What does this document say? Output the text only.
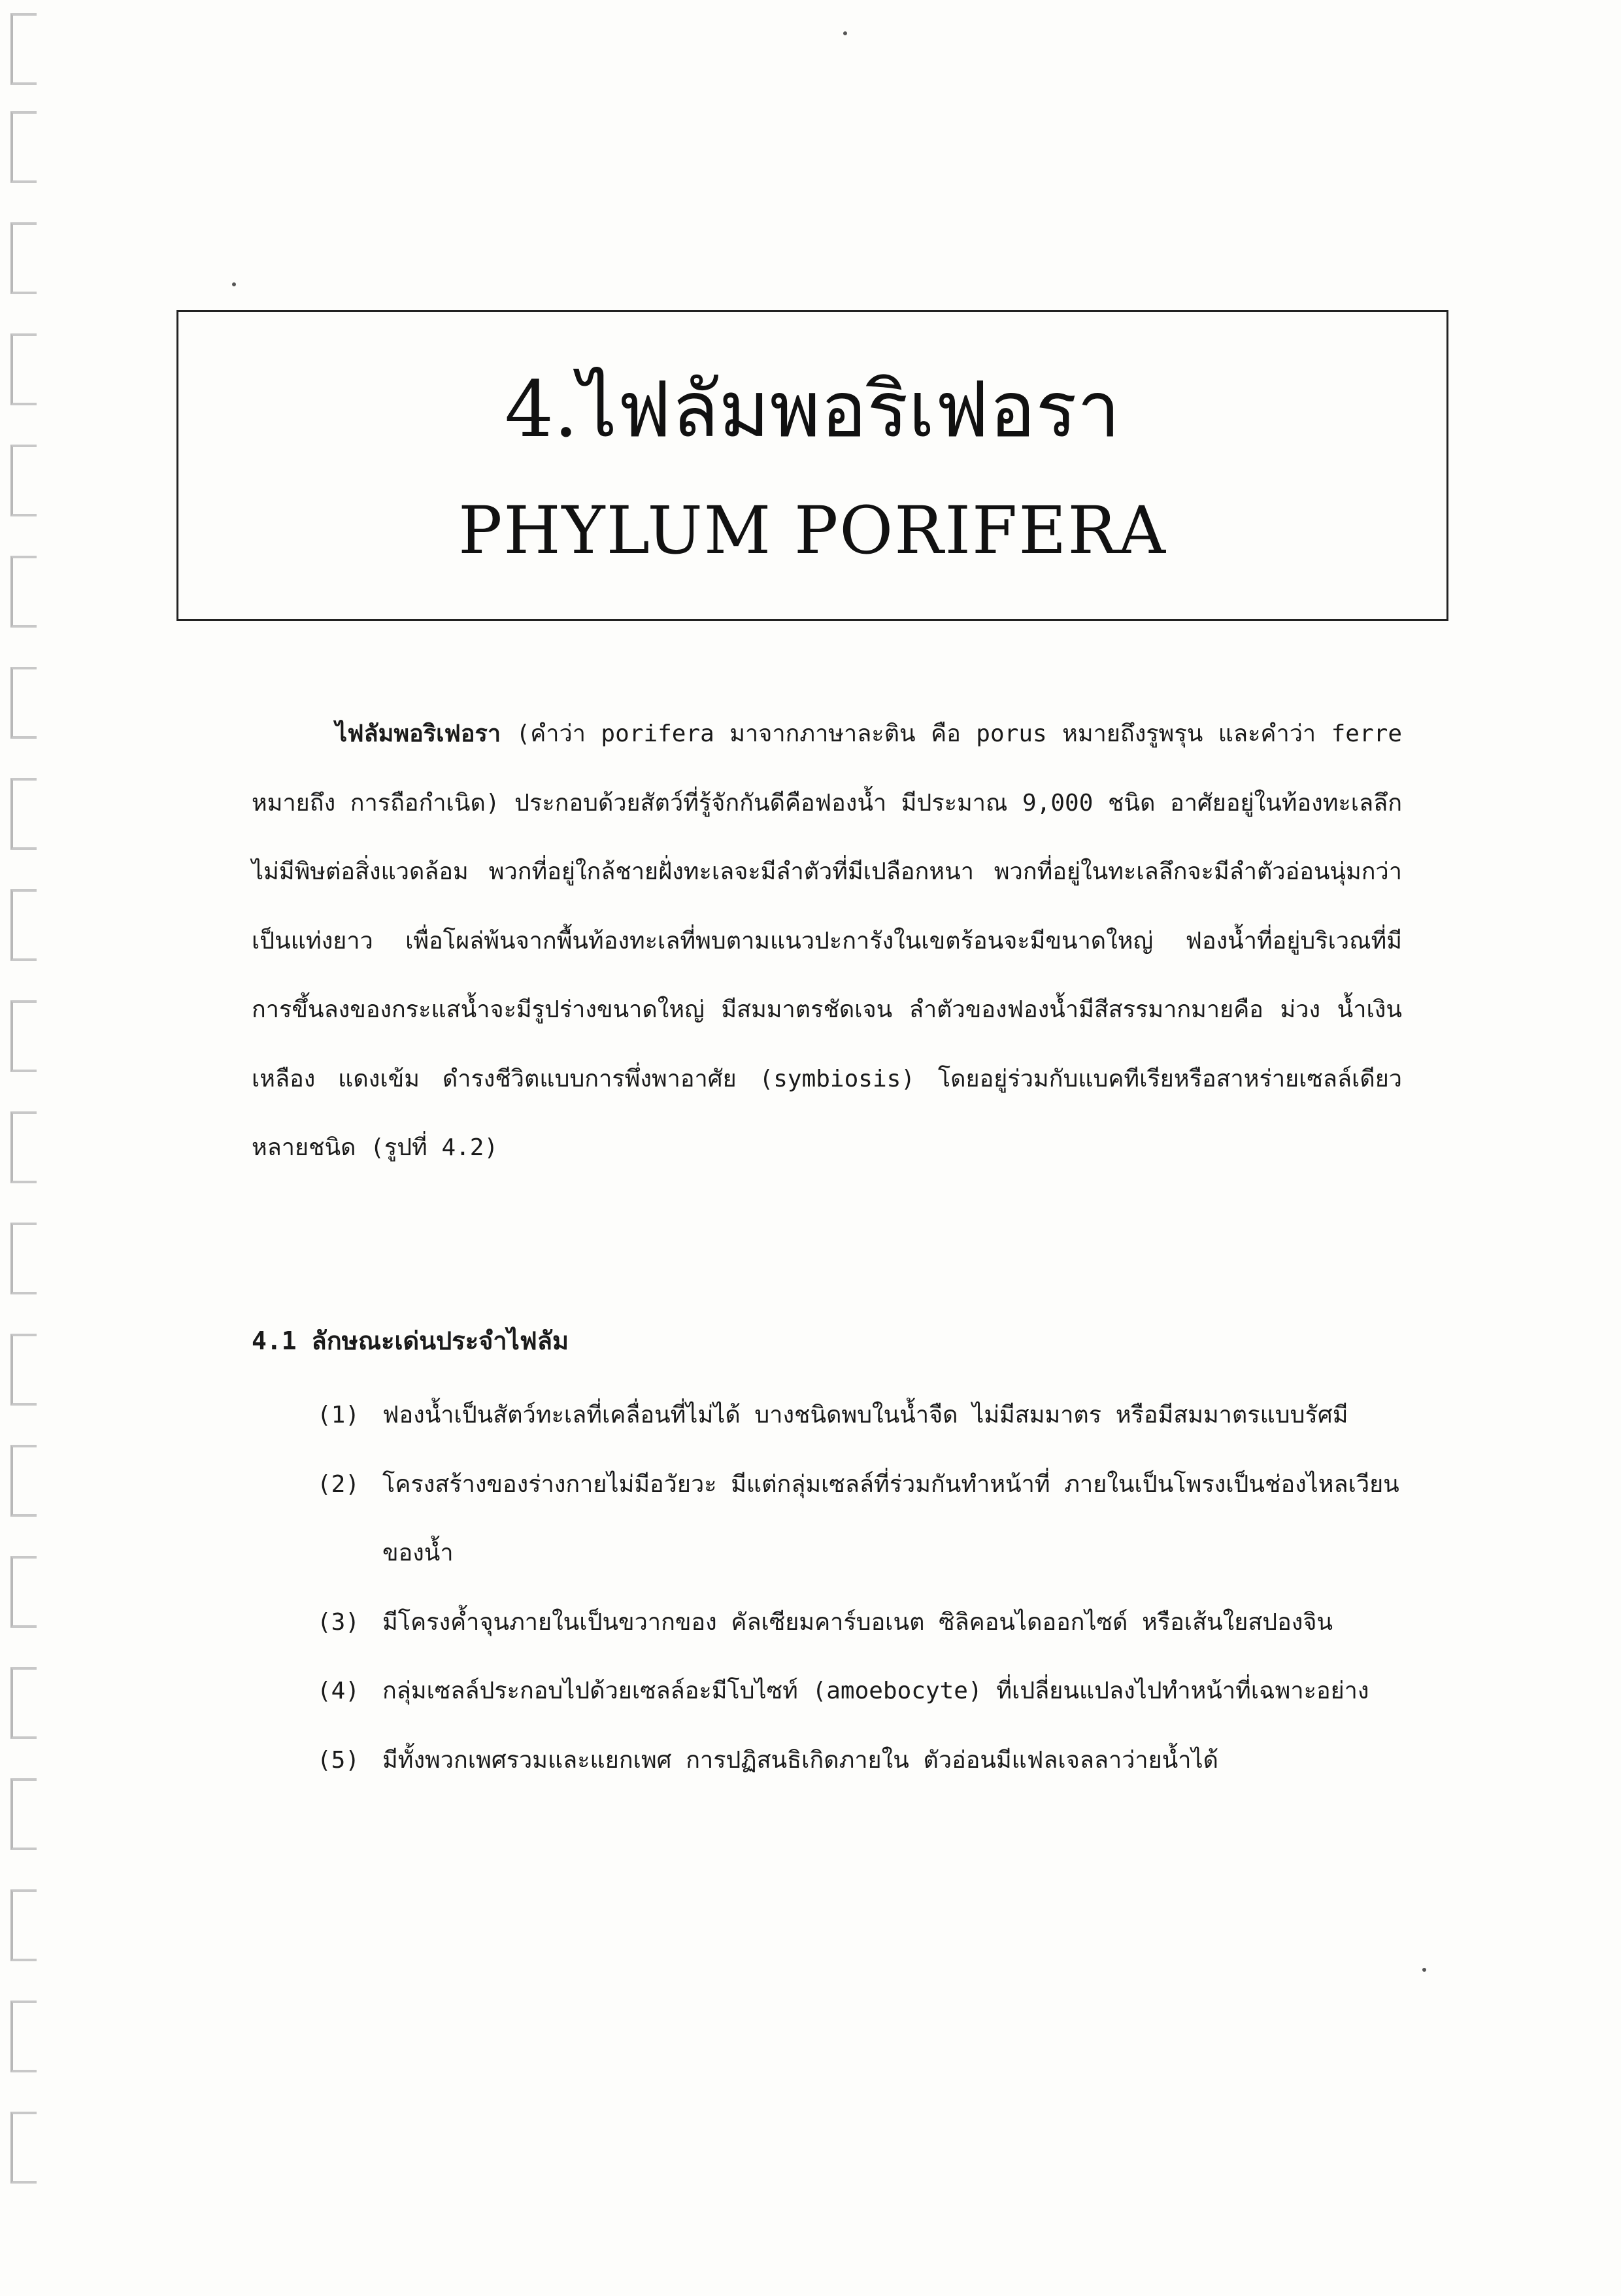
4.ไฟลัมพอริเฟอรา
PHYLUM PORIFERA
ไฟลัมพอริเฟอรา (คำว่า porifera มาจากภาษาละติน คือ porus หมายถึงรูพรุน และคำว่า ferre หมายถึง การถือกำเนิด) ประกอบด้วยสัตว์ที่รู้จักกันดีคือฟองน้ำ มีประมาณ 9,000 ชนิด อาศัยอยู่ในท้องทะเลลึก ไม่มีพิษต่อสิ่งแวดล้อม พวกที่อยู่ใกล้ชายฝั่งทะเลจะมีลำตัวที่มีเปลือกหนา พวกที่อยู่ในทะเลลึกจะมีลำตัวอ่อนนุ่มกว่า เป็นแท่งยาว เพื่อโผล่พ้นจากพื้นท้องทะเลที่พบตามแนวปะการังในเขตร้อนจะมีขนาดใหญ่ ฟองน้ำที่อยู่บริเวณที่มีการขึ้นลงของกระแสน้ำจะมีรูปร่างขนาดใหญ่ มีสมมาตรชัดเจน ลำตัวของฟองน้ำมีสีสรรมากมายคือ ม่วง น้ำเงิน เหลือง แดงเข้ม ดำรงชีวิตแบบการพึ่งพาอาศัย (symbiosis) โดยอยู่ร่วมกับแบคทีเรียหรือสาหร่ายเซลล์เดียวหลายชนิด (รูปที่ 4.2)
4.1 ลักษณะเด่นประจำไฟลัม
(1) ฟองน้ำเป็นสัตว์ทะเลที่เคลื่อนที่ไม่ได้ บางชนิดพบในน้ำจืด ไม่มีสมมาตร หรือมีสมมาตรแบบรัศมี
(2) โครงสร้างของร่างกายไม่มีอวัยวะ มีแต่กลุ่มเซลล์ที่ร่วมกันทำหน้าที่ ภายในเป็นโพรงเป็นช่องไหลเวียนของน้ำ
(3) มีโครงค้ำจุนภายในเป็นขวากของ คัลเซียมคาร์บอเนต ซิลิคอนไดออกไซด์ หรือเส้นใยสปองจิน
(4) กลุ่มเซลล์ประกอบไปด้วยเซลล์อะมีโบไซท์ (amoebocyte) ที่เปลี่ยนแปลงไปทำหน้าที่เฉพาะอย่าง
(5) มีทั้งพวกเพศรวมและแยกเพศ การปฏิสนธิเกิดภายใน ตัวอ่อนมีแฟลเจลลาว่ายน้ำได้
